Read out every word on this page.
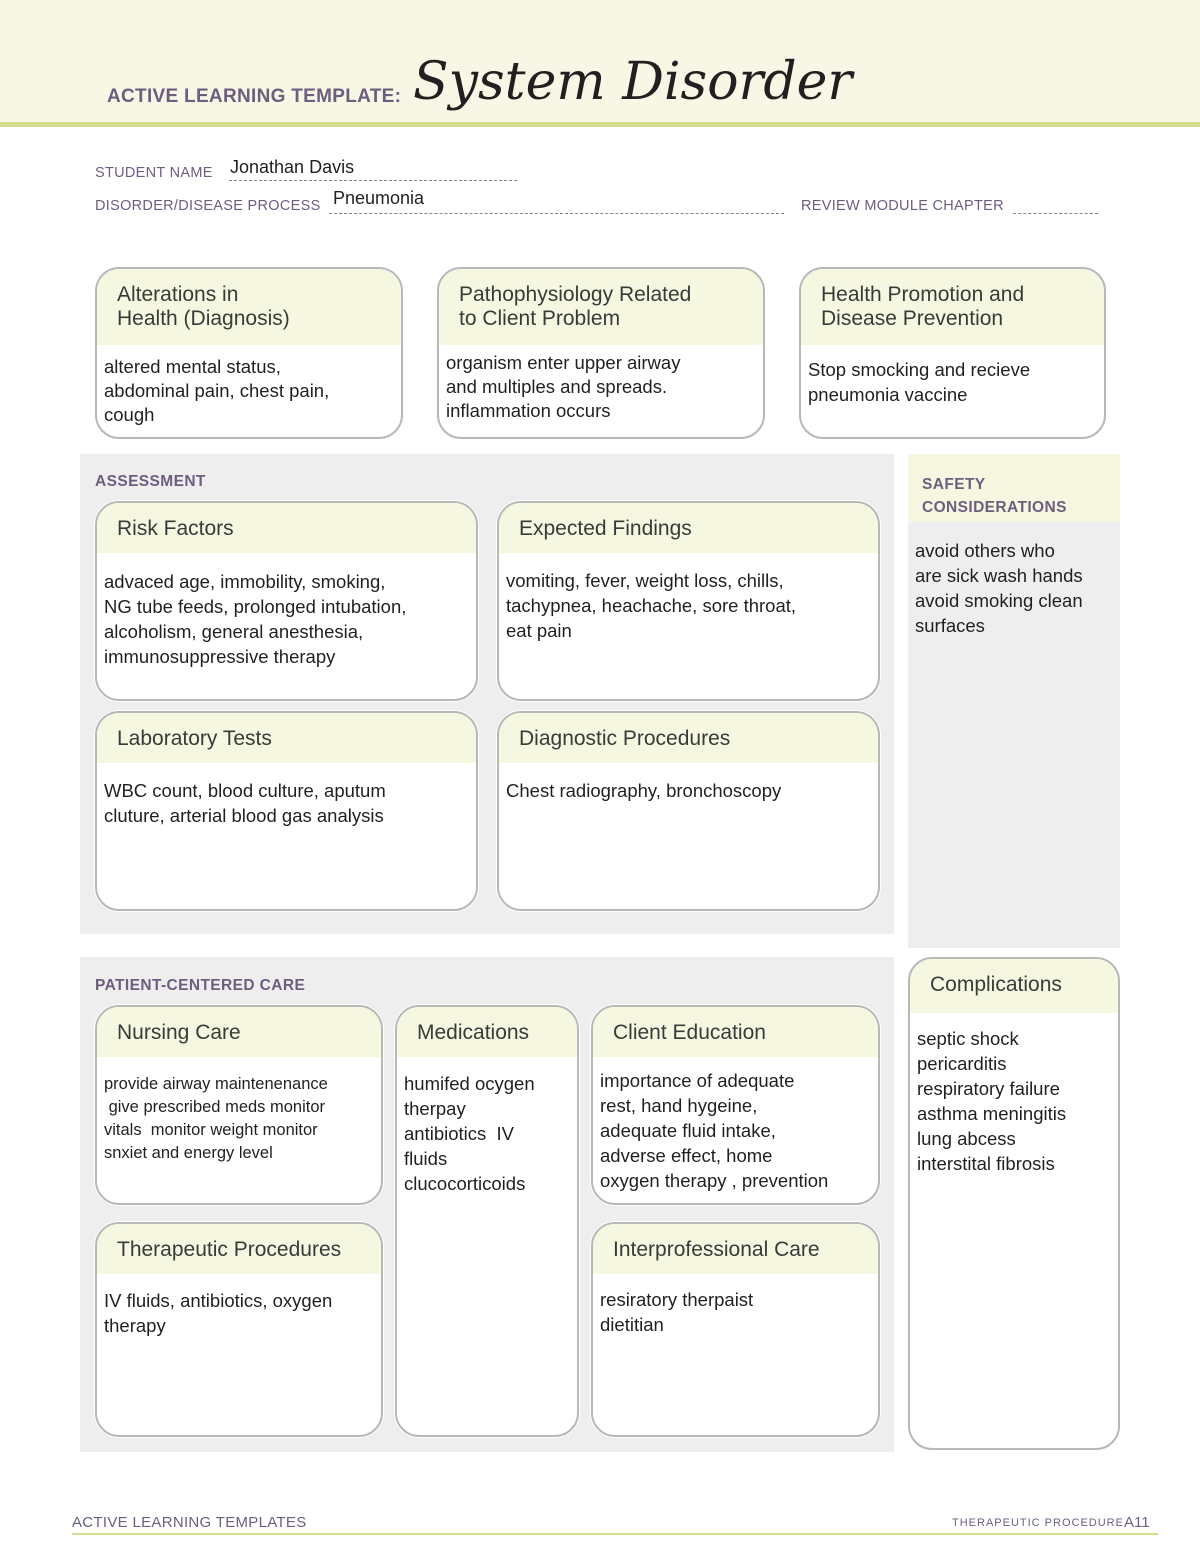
ACTIVE LEARNING TEMPLATE: System Disorder
STUDENT NAME Jonathan Davis
DISORDER/DISEASE PROCESS Pneumonia	REVIEW MODULE CHAPTER
Alterations in
Health (Diagnosis)
altered mental status,
abdominal pain, chest pain,
cough
Pathophysiology Related
to Client Problem
organism enter upper airway
and multiples and spreads.
inflammation occurs
Health Promotion and
Disease Prevention
Stop smocking and recieve
pneumonia vaccine
ASSESSMENT
Risk Factors
advaced age, immobility, smoking,
NG tube feeds, prolonged intubation,
alcoholism, general anesthesia,
immunosuppressive therapy
Expected Findings
vomiting, fever, weight loss, chills,
tachypnea, heachache, sore throat,
eat pain
Laboratory Tests
WBC count, blood culture, aputum
cluture, arterial blood gas analysis
Diagnostic Procedures
Chest radiography, bronchoscopy
SAFETY
CONSIDERATIONS
avoid others who
are sick wash hands
avoid smoking clean
surfaces
PATIENT-CENTERED CARE
Nursing Care
provide airway maintenenance
give prescribed meds monitor
vitals  monitor weight monitor
snxiet and energy level
Medications
humifed ocygen
therpay
antibiotics  IV
fluids
clucocorticoids
Client Education
importance of adequate
rest, hand hygeine,
adequate fluid intake,
adverse effect, home
oxygen therapy , prevention
Therapeutic Procedures
IV fluids, antibiotics, oxygen
therapy
Interprofessional Care
resiratory therpaist
dietitian
Complications
septic shock
pericarditis
respiratory failure
asthma meningitis
lung abcess
interstital fibrosis
ACTIVE LEARNING TEMPLATES	THERAPEUTIC PROCEDURE A11
